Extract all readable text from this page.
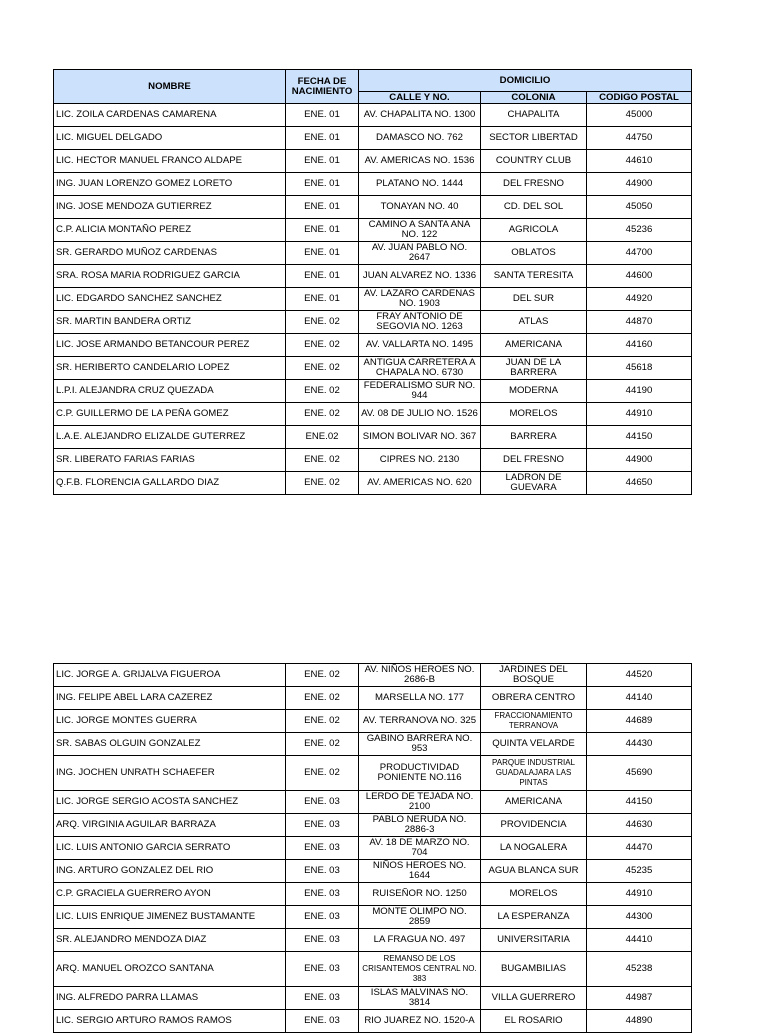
NOMBRE	FECHA DE NACIMIENTO	DOMICILIO		
		CALLE Y NO.	COLONIA	CODIGO POSTAL
LIC. ZOILA CARDENAS CAMARENA	ENE. 01	AV. CHAPALITA NO. 1300	CHAPALITA	45000
LIC. MIGUEL DELGADO	ENE. 01	DAMASCO NO. 762	SECTOR LIBERTAD	44750
LIC. HECTOR MANUEL FRANCO ALDAPE	ENE. 01	AV. AMERICAS NO. 1536	COUNTRY CLUB	44610
ING. JUAN LORENZO GOMEZ LORETO	ENE. 01	PLATANO NO. 1444	DEL FRESNO	44900
ING. JOSE MENDOZA GUTIERREZ	ENE. 01	TONAYAN NO. 40	CD. DEL SOL	45050
C.P. ALICIA MONTAÑO PEREZ	ENE. 01	CAMINO A SANTA ANA NO. 122	AGRICOLA	45236
SR. GERARDO MUÑOZ CARDENAS	ENE. 01	AV. JUAN PABLO NO. 2647	OBLATOS	44700
SRA. ROSA MARIA RODRIGUEZ GARCIA	ENE. 01	JUAN ALVAREZ NO. 1336	SANTA TERESITA	44600
LIC. EDGARDO SANCHEZ SANCHEZ	ENE. 01	AV. LAZARO CARDENAS NO. 1903	DEL SUR	44920
SR. MARTIN BANDERA ORTIZ	ENE. 02	FRAY ANTONIO DE SEGOVIA NO. 1263	ATLAS	44870
LIC. JOSE ARMANDO BETANCOUR PEREZ	ENE. 02	AV. VALLARTA NO. 1495	AMERICANA	44160
SR. HERIBERTO CANDELARIO LOPEZ	ENE. 02	ANTIGUA CARRETERA A CHAPALA NO. 6730	JUAN DE LA BARRERA	45618
L.P.I. ALEJANDRA CRUZ QUEZADA	ENE. 02	FEDERALISMO SUR NO. 944	MODERNA	44190
C.P. GUILLERMO DE LA PEÑA GOMEZ	ENE. 02	AV. 08 DE JULIO NO. 1526	MORELOS	44910
L.A.E. ALEJANDRO ELIZALDE GUTERREZ	ENE.02	SIMON BOLIVAR NO. 367	BARRERA	44150
SR. LIBERATO FARIAS FARIAS	ENE. 02	CIPRES NO. 2130	DEL FRESNO	44900
Q.F.B. FLORENCIA GALLARDO DIAZ	ENE. 02	AV. AMERICAS NO. 620	LADRON DE GUEVARA	44650
LIC. JORGE A. GRIJALVA FIGUEROA	ENE. 02	AV. NIÑOS HEROES NO. 2686-B	JARDINES DEL BOSQUE	44520
ING. FELIPE ABEL LARA CAZEREZ	ENE. 02	MARSELLA NO. 177	OBRERA CENTRO	44140
LIC. JORGE MONTES GUERRA	ENE. 02	AV. TERRANOVA NO. 325	FRACCIONAMIENTO TERRANOVA	44689
SR. SABAS OLGUIN GONZALEZ	ENE. 02	GABINO BARRERA NO. 953	QUINTA VELARDE	44430
ING. JOCHEN UNRATH SCHAEFER	ENE. 02	PRODUCTIVIDAD PONIENTE NO.116	PARQUE INDUSTRIAL GUADALAJARA LAS PINTAS	45690
LIC. JORGE SERGIO ACOSTA SANCHEZ	ENE. 03	LERDO DE TEJADA NO. 2100	AMERICANA	44150
ARQ. VIRGINIA AGUILAR BARRAZA	ENE. 03	PABLO NERUDA NO. 2886-3	PROVIDENCIA	44630
LIC. LUIS ANTONIO GARCIA SERRATO	ENE. 03	AV. 18 DE MARZO NO. 704	LA NOGALERA	44470
ING. ARTURO GONZALEZ DEL RIO	ENE. 03	NIÑOS HEROES NO. 1644	AGUA BLANCA SUR	45235
C.P. GRACIELA GUERRERO AYON	ENE. 03	RUISEÑOR NO. 1250	MORELOS	44910
LIC. LUIS ENRIQUE JIMENEZ BUSTAMANTE	ENE. 03	MONTE OLIMPO NO. 2859	LA ESPERANZA	44300
SR. ALEJANDRO MENDOZA DIAZ	ENE. 03	LA FRAGUA NO. 497	UNIVERSITARIA	44410
ARQ. MANUEL OROZCO SANTANA	ENE. 03	REMANSO DE LOS CRISANTEMOS CENTRAL NO. 383	BUGAMBILIAS	45238
ING. ALFREDO PARRA LLAMAS	ENE. 03	ISLAS MALVINAS NO. 3814	VILLA GUERRERO	44987
LIC. SERGIO ARTURO RAMOS RAMOS	ENE. 03	RIO JUAREZ NO. 1520-A	EL ROSARIO	44890
